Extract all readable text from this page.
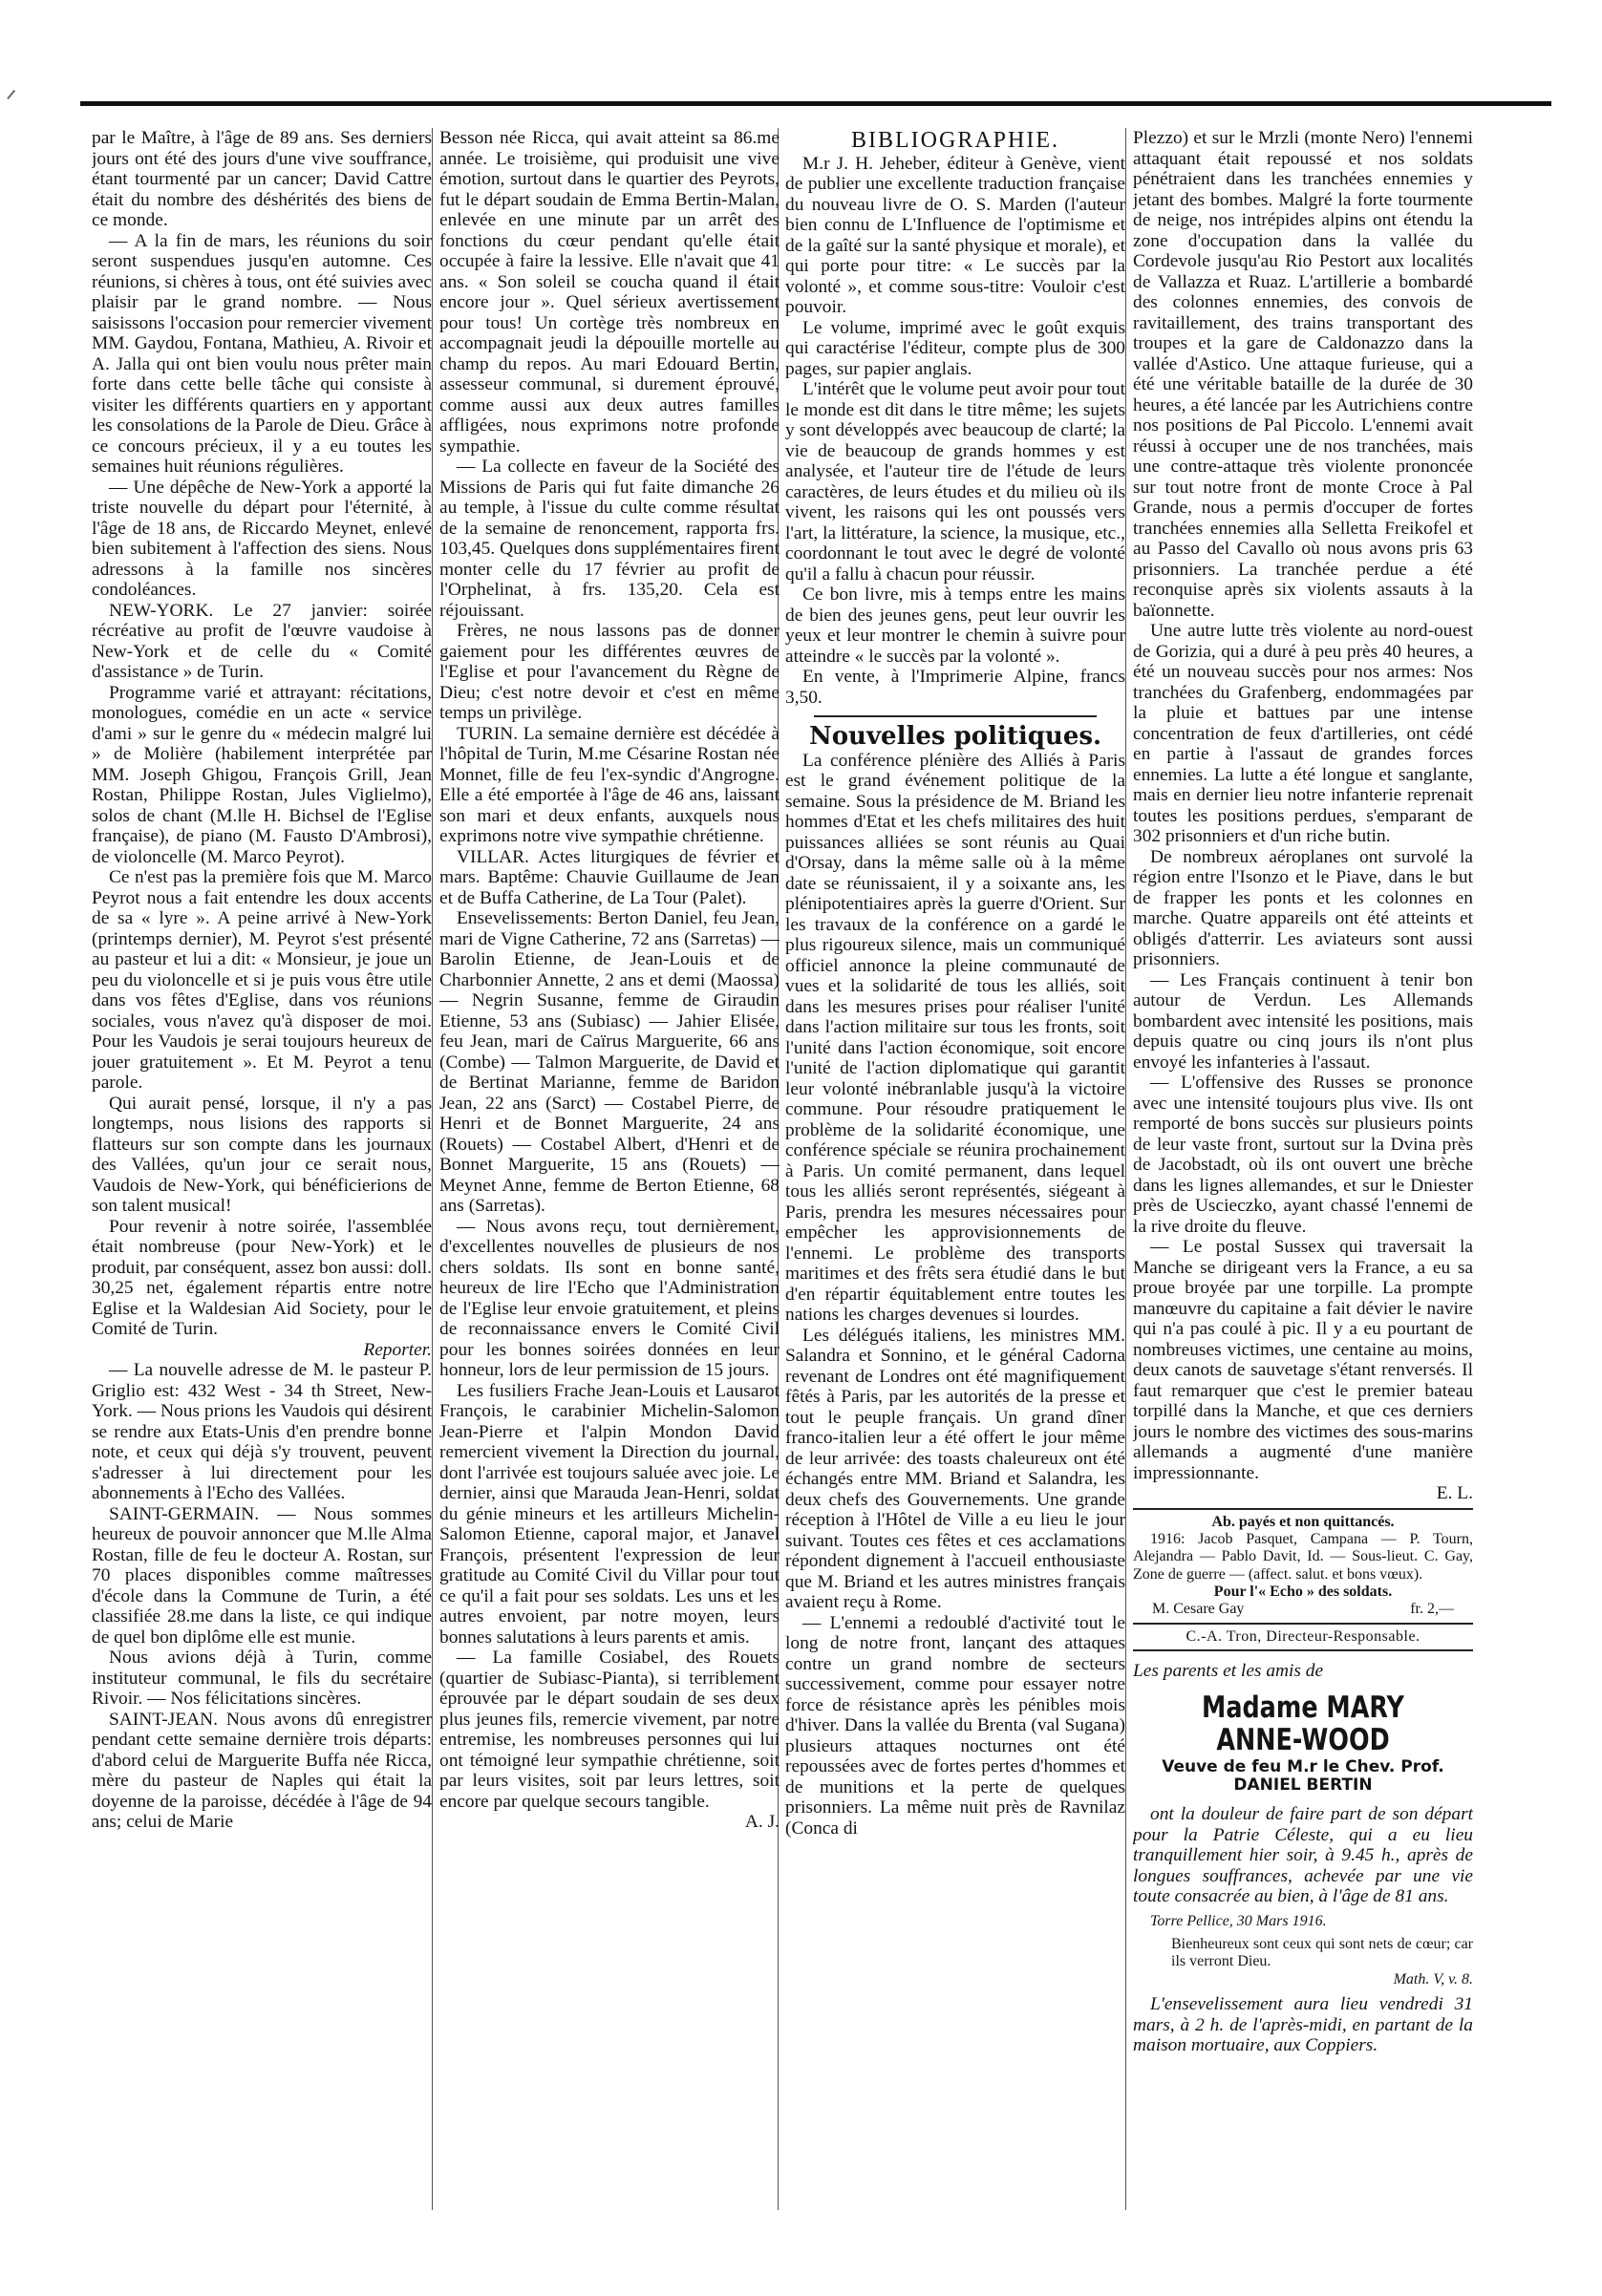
ᐟ

par le Maître, à l'âge de 89 ans. Ses derniers jours ont été des jours d'une vive souffrance, étant tourmenté par un cancer; David Cattre était du nombre des déshérités des biens de ce monde.

— A la fin de mars, les réunions du soir seront suspendues jusqu'en automne. Ces réunions, si chères à tous, ont été suivies avec plaisir par le grand nombre. — Nous saisissons l'occasion pour remercier vivement MM. Gaydou, Fontana, Mathieu, A. Rivoir et A. Jalla qui ont bien voulu nous prêter main forte dans cette belle tâche qui consiste à visiter les différents quartiers en y apportant les consolations de la Parole de Dieu. Grâce à ce concours précieux, il y a eu toutes les semaines huit réunions régulières.

— Une dépêche de New-York a apporté la triste nouvelle du départ pour l'éternité, à l'âge de 18 ans, de Riccardo Meynet, enlevé bien subitement à l'affection des siens. Nous adressons à la famille nos sincères condoléances.

NEW-YORK. Le 27 janvier: soirée récréative au profit de l'œuvre vaudoise à New-York et de celle du « Comité d'assistance » de Turin.

Programme varié et attrayant: récitations, monologues, comédie en un acte « service d'ami » sur le genre du « médecin malgré lui » de Molière (habilement interprétée par MM. Joseph Ghigou, François Grill, Jean Rostan, Philippe Rostan, Jules Viglielmo), solos de chant (M.lle H. Bichsel de l'Eglise française), de piano (M. Fausto D'Ambrosi), de violoncelle (M. Marco Peyrot).

Ce n'est pas la première fois que M. Marco Peyrot nous a fait entendre les doux accents de sa « lyre ». A peine arrivé à New-York (printemps dernier), M. Peyrot s'est présenté au pasteur et lui a dit: « Monsieur, je joue un peu du violoncelle et si je puis vous être utile dans vos fêtes d'Eglise, dans vos réunions sociales, vous n'avez qu'à disposer de moi. Pour les Vaudois je serai toujours heureux de jouer gratuitement ». Et M. Peyrot a tenu parole.

Qui aurait pensé, lorsque, il n'y a pas longtemps, nous lisions des rapports si flatteurs sur son compte dans les journaux des Vallées, qu'un jour ce serait nous, Vaudois de New-York, qui bénéficierions de son talent musical!

Pour revenir à notre soirée, l'assemblée était nombreuse (pour New-York) et le produit, par conséquent, assez bon aussi: doll. 30,25 net, également répartis entre notre Eglise et la Waldesian Aid Society, pour le Comité de Turin.

Reporter.

— La nouvelle adresse de M. le pasteur P. Griglio est: 432 West - 34 th Street, New-York. — Nous prions les Vaudois qui désirent se rendre aux Etats-Unis d'en prendre bonne note, et ceux qui déjà s'y trouvent, peuvent s'adresser à lui directement pour les abonnements à l'Echo des Vallées.

SAINT-GERMAIN. — Nous sommes heureux de pouvoir annoncer que M.lle Alma Rostan, fille de feu le docteur A. Rostan, sur 70 places disponibles comme maîtresses d'école dans la Commune de Turin, a été classifiée 28.me dans la liste, ce qui indique de quel bon diplôme elle est munie.

Nous avions déjà à Turin, comme instituteur communal, le fils du secrétaire Rivoir. — Nos félicitations sincères.

SAINT-JEAN. Nous avons dû enregistrer pendant cette semaine dernière trois départs: d'abord celui de Marguerite Buffa née Ricca, mère du pasteur de Naples qui était la doyenne de la paroisse, décédée à l'âge de 94 ans; celui de Marie

Besson née Ricca, qui avait atteint sa 86.me année. Le troisième, qui produisit une vive émotion, surtout dans le quartier des Peyrots, fut le départ soudain de Emma Bertin-Malan, enlevée en une minute par un arrêt des fonctions du cœur pendant qu'elle était occupée à faire la lessive. Elle n'avait que 41 ans. « Son soleil se coucha quand il était encore jour ». Quel sérieux avertissement pour tous! Un cortège très nombreux en accompagnait jeudi la dépouille mortelle au champ du repos. Au mari Edouard Bertin, assesseur communal, si durement éprouvé, comme aussi aux deux autres familles affligées, nous exprimons notre profonde sympathie.

— La collecte en faveur de la Société des Missions de Paris qui fut faite dimanche 26 au temple, à l'issue du culte comme résultat de la semaine de renoncement, rapporta frs. 103,45. Quelques dons supplémentaires firent monter celle du 17 février au profit de l'Orphelinat, à frs. 135,20. Cela est réjouissant.

Frères, ne nous lassons pas de donner gaiement pour les différentes œuvres de l'Eglise et pour l'avancement du Règne de Dieu; c'est notre devoir et c'est en même temps un privilège.

TURIN. La semaine dernière est décédée à l'hôpital de Turin, M.me Césarine Rostan née Monnet, fille de feu l'ex-syndic d'Angrogne. Elle a été emportée à l'âge de 46 ans, laissant son mari et deux enfants, auxquels nous exprimons notre vive sympathie chrétienne.

VILLAR. Actes liturgiques de février et mars. Baptême: Chauvie Guillaume de Jean et de Buffa Catherine, de La Tour (Palet).

Ensevelissements: Berton Daniel, feu Jean, mari de Vigne Catherine, 72 ans (Sarretas) — Barolin Etienne, de Jean-Louis et de Charbonnier Annette, 2 ans et demi (Maossa) — Negrin Susanne, femme de Giraudin Etienne, 53 ans (Subiasc) — Jahier Elisée, feu Jean, mari de Caïrus Marguerite, 66 ans (Combe) — Talmon Marguerite, de David et de Bertinat Marianne, femme de Baridon Jean, 22 ans (Sarct) — Costabel Pierre, de Henri et de Bonnet Marguerite, 24 ans (Rouets) — Costabel Albert, d'Henri et de Bonnet Marguerite, 15 ans (Rouets) — Meynet Anne, femme de Berton Etienne, 68 ans (Sarretas).

— Nous avons reçu, tout dernièrement, d'excellentes nouvelles de plusieurs de nos chers soldats. Ils sont en bonne santé, heureux de lire l'Echo que l'Administration de l'Eglise leur envoie gratuitement, et pleins de reconnaissance envers le Comité Civil pour les bonnes soirées données en leur honneur, lors de leur permission de 15 jours.

Les fusiliers Frache Jean-Louis et Lausarot François, le carabinier Michelin-Salomon Jean-Pierre et l'alpin Mondon David remercient vivement la Direction du journal, dont l'arrivée est toujours saluée avec joie. Le dernier, ainsi que Marauda Jean-Henri, soldat du génie mineurs et les artilleurs Michelin-Salomon Etienne, caporal major, et Janavel François, présentent l'expression de leur gratitude au Comité Civil du Villar pour tout ce qu'il a fait pour ses soldats. Les uns et les autres envoient, par notre moyen, leurs bonnes salutations à leurs parents et amis.

— La famille Cosiabel, des Rouets (quartier de Subiasc-Pianta), si terriblement éprouvée par le départ soudain de ses deux plus jeunes fils, remercie vivement, par notre entremise, les nombreuses personnes qui lui ont témoigné leur sympathie chrétienne, soit par leurs visites, soit par leurs lettres, soit encore par quelque secours tangible.

A. J.

BIBLIOGRAPHIE.

M.r J. H. Jeheber, éditeur à Genève, vient de publier une excellente traduction française du nouveau livre de O. S. Marden (l'auteur bien connu de L'Influence de l'optimisme et de la gaîté sur la santé physique et morale), et qui porte pour titre: « Le succès par la volonté », et comme sous-titre: Vouloir c'est pouvoir.

Le volume, imprimé avec le goût exquis qui caractérise l'éditeur, compte plus de 300 pages, sur papier anglais.

L'intérêt que le volume peut avoir pour tout le monde est dit dans le titre même; les sujets y sont développés avec beaucoup de clarté; la vie de beaucoup de grands hommes y est analysée, et l'auteur tire de l'étude de leurs caractères, de leurs études et du milieu où ils vivent, les raisons qui les ont poussés vers l'art, la littérature, la science, la musique, etc., coordonnant le tout avec le degré de volonté qu'il a fallu à chacun pour réussir.

Ce bon livre, mis à temps entre les mains de bien des jeunes gens, peut leur ouvrir les yeux et leur montrer le chemin à suivre pour atteindre « le succès par la volonté ».

En vente, à l'Imprimerie Alpine, francs 3,50.

Nouvelles politiques.

La conférence plénière des Alliés à Paris est le grand événement politique de la semaine. Sous la présidence de M. Briand les hommes d'Etat et les chefs militaires des huit puissances alliées se sont réunis au Quai d'Orsay, dans la même salle où à la même date se réunissaient, il y a soixante ans, les plénipotentiaires après la guerre d'Orient. Sur les travaux de la conférence on a gardé le plus rigoureux silence, mais un communiqué officiel annonce la pleine communauté de vues et la solidarité de tous les alliés, soit dans les mesures prises pour réaliser l'unité dans l'action militaire sur tous les fronts, soit l'unité dans l'action économique, soit encore l'unité de l'action diplomatique qui garantit leur volonté inébranlable jusqu'à la victoire commune. Pour résoudre pratiquement le problème de la solidarité économique, une conférence spéciale se réunira prochainement à Paris. Un comité permanent, dans lequel tous les alliés seront représentés, siégeant à Paris, prendra les mesures nécessaires pour empêcher les approvisionnements de l'ennemi. Le problème des transports maritimes et des frêts sera étudié dans le but d'en répartir équitablement entre toutes les nations les charges devenues si lourdes.

Les délégués italiens, les ministres MM. Salandra et Sonnino, et le général Cadorna revenant de Londres ont été magnifiquement fêtés à Paris, par les autorités de la presse et tout le peuple français. Un grand dîner franco-italien leur a été offert le jour même de leur arrivée: des toasts chaleureux ont été échangés entre MM. Briand et Salandra, les deux chefs des Gouvernements. Une grande réception à l'Hôtel de Ville a eu lieu le jour suivant. Toutes ces fêtes et ces acclamations répondent dignement à l'accueil enthousiaste que M. Briand et les autres ministres français avaient reçu à Rome.

— L'ennemi a redoublé d'activité tout le long de notre front, lançant des attaques contre un grand nombre de secteurs successivement, comme pour essayer notre force de résistance après les pénibles mois d'hiver. Dans la vallée du Brenta (val Sugana) plusieurs attaques nocturnes ont été repoussées avec de fortes pertes d'hommes et de munitions et la perte de quelques prisonniers. La même nuit près de Ravnilaz (Conca di

Plezzo) et sur le Mrzli (monte Nero) l'ennemi attaquant était repoussé et nos soldats pénétraient dans les tranchées ennemies y jetant des bombes. Malgré la forte tourmente de neige, nos intrépides alpins ont étendu la zone d'occupation dans la vallée du Cordevole jusqu'au Rio Pestort aux localités de Vallazza et Ruaz. L'artillerie a bombardé des colonnes ennemies, des convois de ravitaillement, des trains transportant des troupes et la gare de Caldonazzo dans la vallée d'Astico. Une attaque furieuse, qui a été une véritable bataille de la durée de 30 heures, a été lancée par les Autrichiens contre nos positions de Pal Piccolo. L'ennemi avait réussi à occuper une de nos tranchées, mais une contre-attaque très violente prononcée sur tout notre front de monte Croce à Pal Grande, nous a permis d'occuper de fortes tranchées ennemies alla Selletta Freikofel et au Passo del Cavallo où nous avons pris 63 prisonniers. La tranchée perdue a été reconquise après six violents assauts à la baïonnette.

Une autre lutte très violente au nord-ouest de Gorizia, qui a duré à peu près 40 heures, a été un nouveau succès pour nos armes: Nos tranchées du Grafenberg, endommagées par la pluie et battues par une intense concentration de feux d'artilleries, ont cédé en partie à l'assaut de grandes forces ennemies. La lutte a été longue et sanglante, mais en dernier lieu notre infanterie reprenait toutes les positions perdues, s'emparant de 302 prisonniers et d'un riche butin.

De nombreux aéroplanes ont survolé la région entre l'Isonzo et le Piave, dans le but de frapper les ponts et les colonnes en marche. Quatre appareils ont été atteints et obligés d'atterrir. Les aviateurs sont aussi prisonniers.

— Les Français continuent à tenir bon autour de Verdun. Les Allemands bombardent avec intensité les positions, mais depuis quatre ou cinq jours ils n'ont plus envoyé les infanteries à l'assaut.

— L'offensive des Russes se prononce avec une intensité toujours plus vive. Ils ont remporté de bons succès sur plusieurs points de leur vaste front, surtout sur la Dvina près de Jacobstadt, où ils ont ouvert une brèche dans les lignes allemandes, et sur le Dniester près de Uscieczko, ayant chassé l'ennemi de la rive droite du fleuve.

— Le postal Sussex qui traversait la Manche se dirigeant vers la France, a eu sa proue broyée par une torpille. La prompte manœuvre du capitaine a fait dévier le navire qui n'a pas coulé à pic. Il y a eu pourtant de nombreuses victimes, une centaine au moins, deux canots de sauvetage s'étant renversés. Il faut remarquer que c'est le premier bateau torpillé dans la Manche, et que ces derniers jours le nombre des victimes des sous-marins allemands a augmenté d'une manière impressionnante.

E. L.

Ab. payés et non quittancés.

1916: Jacob Pasquet, Campana — P. Tourn, Alejandra — Pablo Davit, Id. — Sous-lieut. C. Gay, Zone de guerre — (affect. salut. et bons vœux).

Pour l'« Echo » des soldats.

M. Cesare Gay	fr. 2,—

C.-A. Tron, Directeur-Responsable.

Les parents et les amis de

Madame MARY ANNE-WOOD
Veuve de feu M.r le Chev. Prof. DANIEL BERTIN

ont la douleur de faire part de son départ pour la Patrie Céleste, qui a eu lieu tranquillement hier soir, à 9.45 h., après de longues souffrances, achevée par une vie toute consacrée au bien, à l'âge de 81 ans.

Torre Pellice, 30 Mars 1916.

Bienheureux sont ceux qui sont nets de cœur; car ils verront Dieu.

Math. V, v. 8.

L'ensevelissement aura lieu vendredi 31 mars, à 2 h. de l'après-midi, en partant de la maison mortuaire, aux Coppiers.
